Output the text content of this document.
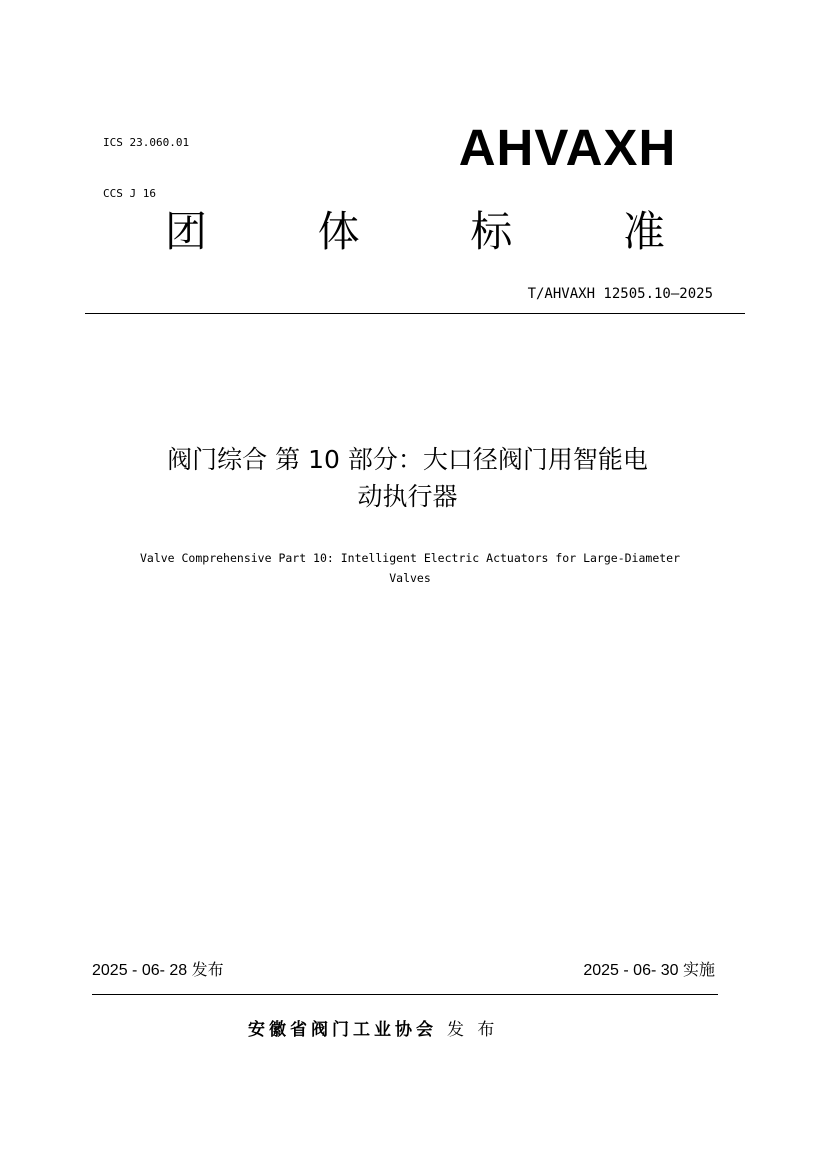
ICS 23.060.01

CCS J 16

AHVAXH
团	体	标	准
T/AHVAXH 12505.10—2025
阀门综合 第 10 部分：大口径阀门用智能电
动执行器
Valve Comprehensive Part 10: Intelligent Electric Actuators for Large-Diameter
Valves
2025 - 06- 28 发布	2025 - 06- 30 实施
安徽省阀门工业协会 发 布
